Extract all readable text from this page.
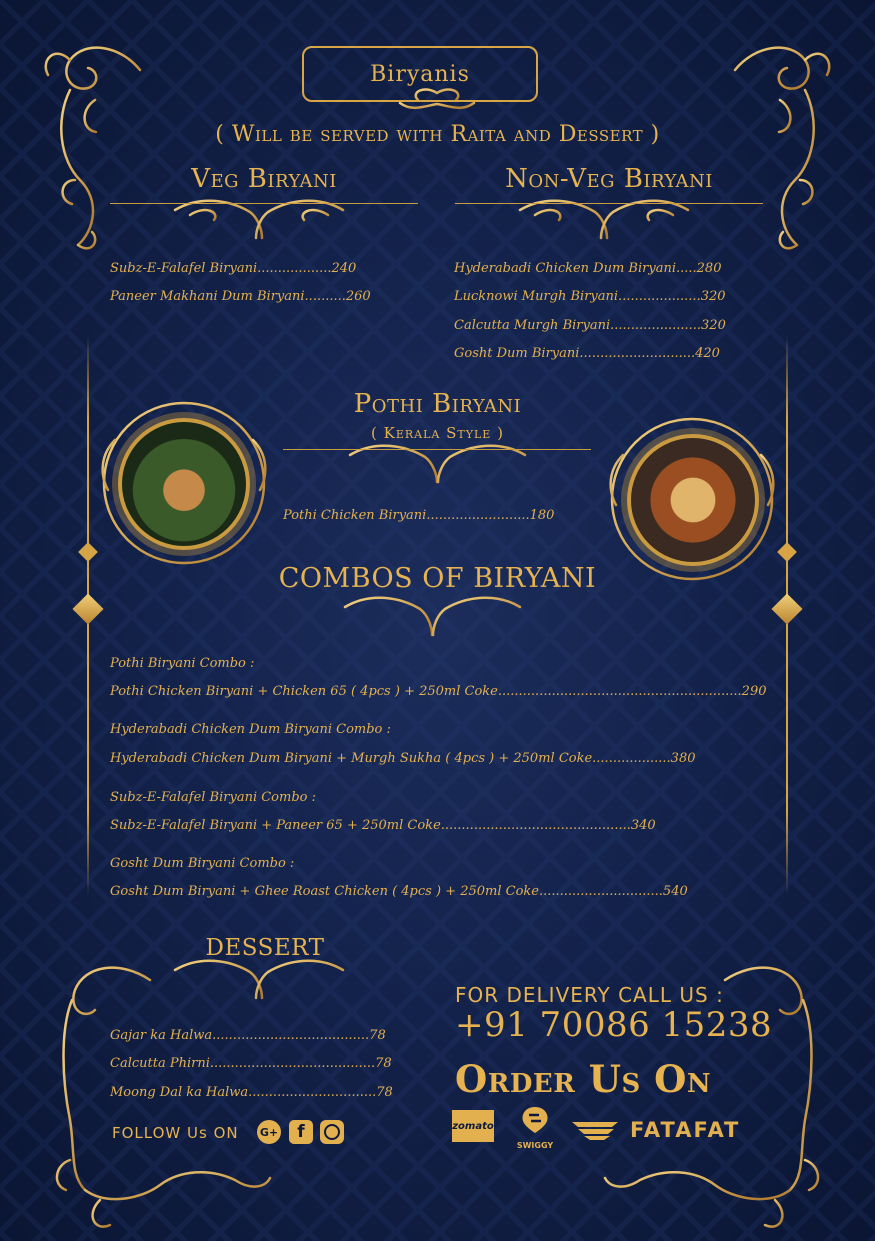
Biryanis
( Will be served with Raita and Dessert )
Veg Biryani
Subz-E-Falafel Biryani..................240
Paneer Makhani Dum Biryani..........260
Non-Veg Biryani
Hyderabadi Chicken Dum Biryani.....280
Lucknowi Murgh Biryani....................320
Calcutta Murgh Biryani......................320
Gosht Dum Biryani............................420
Pothi Biryani
( Kerala Style )
Pothi Chicken Biryani.........................180
COMBOS OF BIRYANI
Pothi Biryani Combo :
Pothi Chicken Biryani + Chicken 65 ( 4pcs ) + 250ml Coke...........................................................290
Hyderabadi Chicken Dum Biryani Combo :
Hyderabadi Chicken Dum Biryani + Murgh Sukha ( 4pcs ) + 250ml Coke...................380
Subz-E-Falafel Biryani Combo :
Subz-E-Falafel Biryani + Paneer 65 + 250ml Coke..............................................340
Gosht Dum Biryani Combo :
Gosht Dum Biryani + Ghee Roast Chicken ( 4pcs ) + 250ml Coke..............................540
DESSERT
Gajar ka Halwa......................................78
Calcutta Phirni........................................78
Moong Dal ka Halwa...............................78
FOLLOW Us ON G+	f
FOR DELIVERY CALL US :
+91 70086 15238
Order Us On
zomato
SWIGGY
FATAFAT
